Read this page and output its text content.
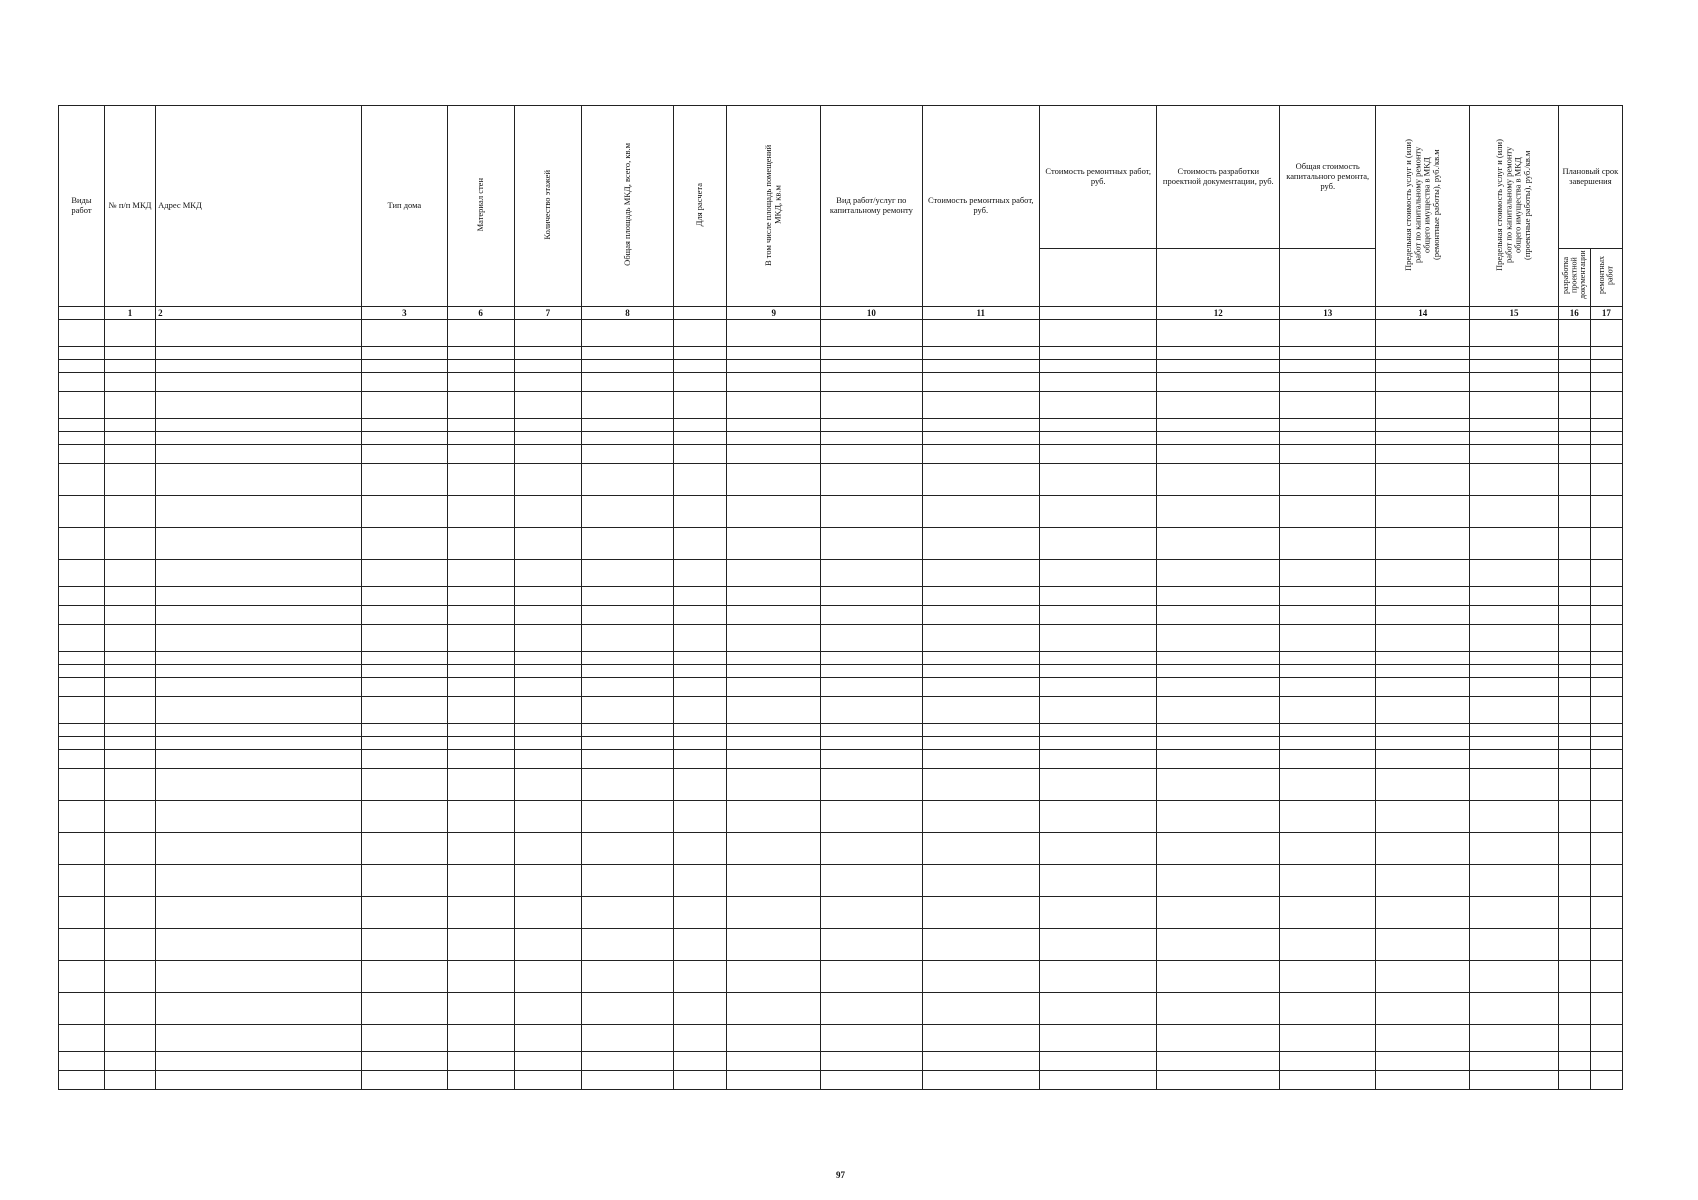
Виды работ	№ п/п МКД	Адрес МКД	Тип дома	Материал стен	Количество этажей	Общая площадь МКД, всего, кв.м	Для расчета	В том числе площадь помещений МКД, кв.м	Вид работ/услуг по капитальному ремонту	Стоимость ремонтных работ, руб.	Стоимость ремонтных работ, руб.	Стоимость разработки проектной документации, руб.	Общая стоимость капитального ремонта, руб.	Предельная стоимость услуг и (или) работ по капитальному ремонту общего имущества в МКД (ремонтные работы), руб./кв.м	Предельная стоимость услуг и (или) работ по капитальному ремонту общего имущества в МКД (проектные работы), руб./кв.м	Плановый срок завершения	
																разработка проектной документации	ремонтных работ
	1	2	3	6	7	8		9	10	11		12	13	14	15	16	17

97
